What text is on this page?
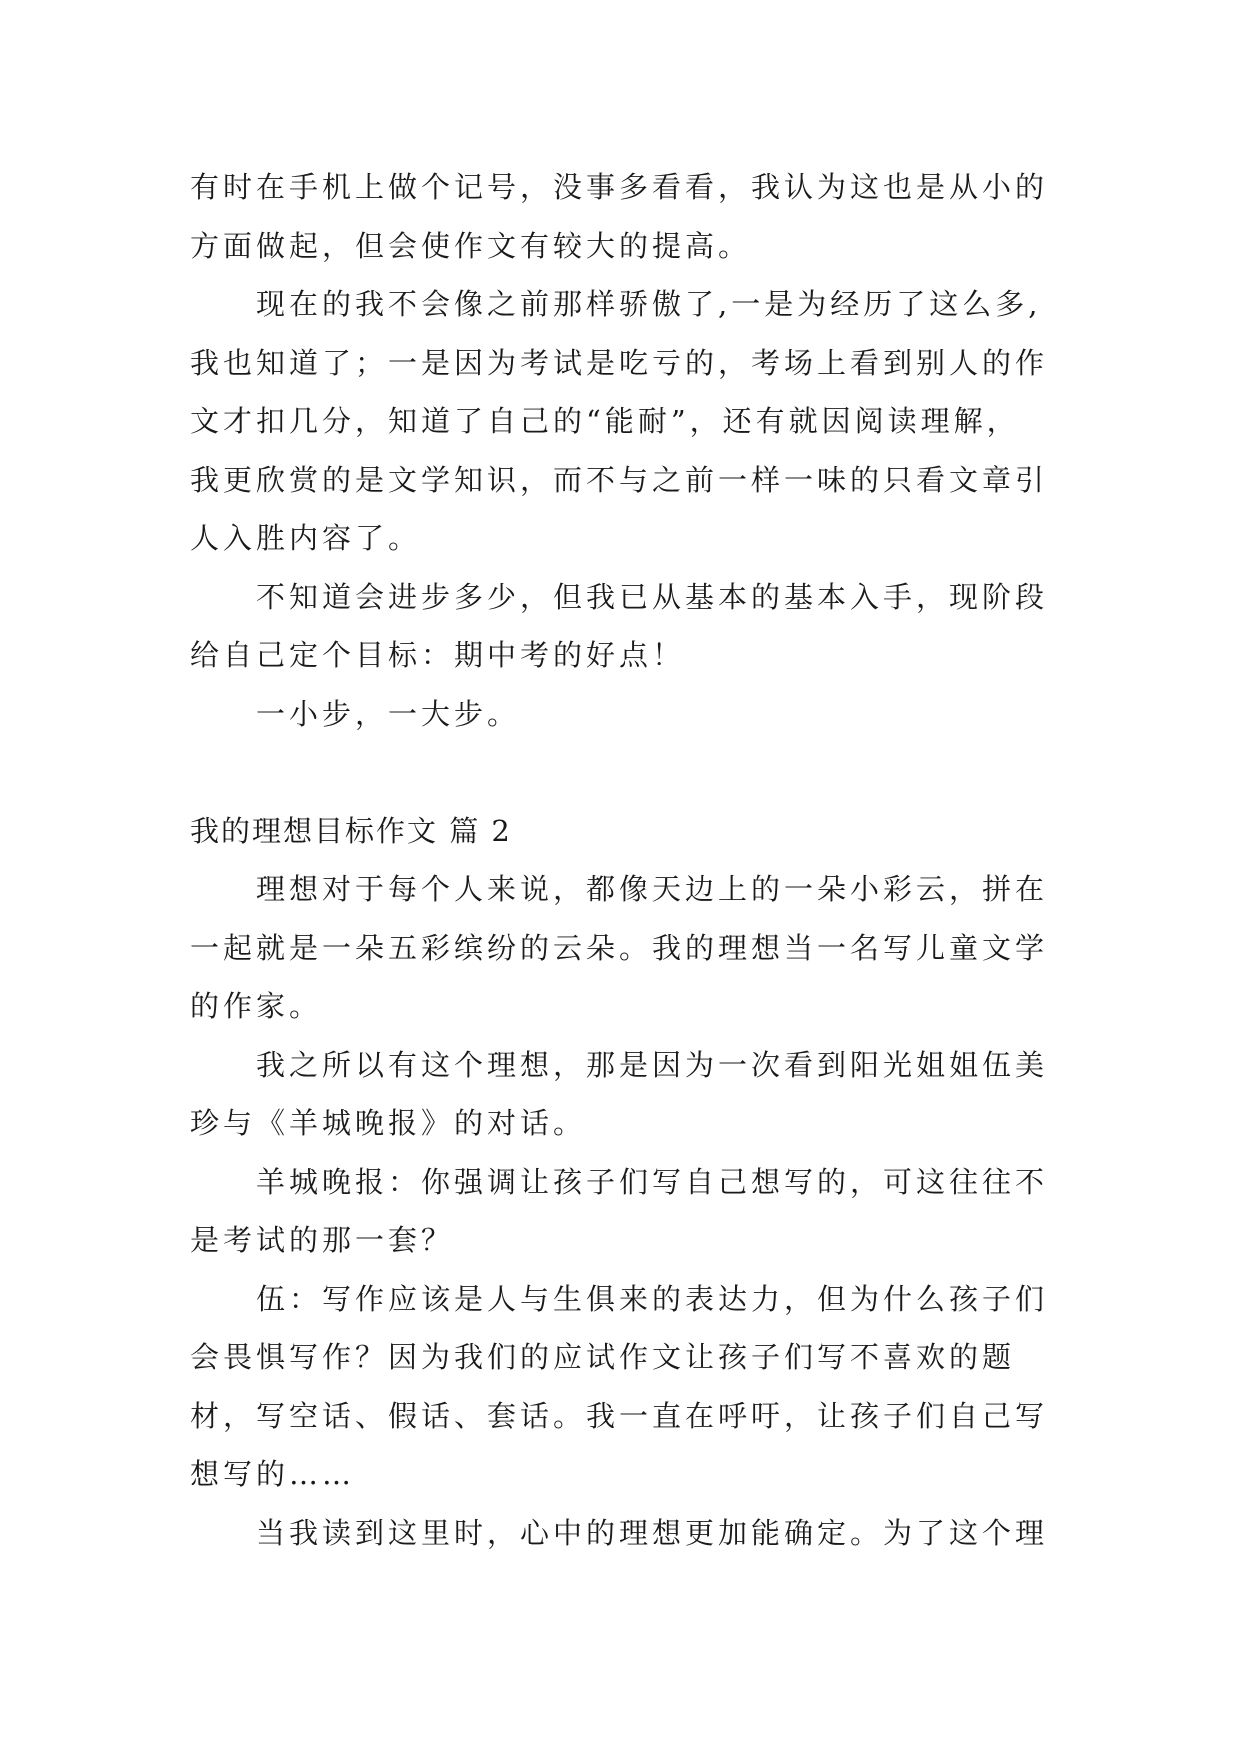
有时在手机上做个记号，没事多看看，我认为这也是从小的
方面做起，但会使作文有较大的提高。
现在的我不会像之前那样骄傲了,一是为经历了这么多,
我也知道了；一是因为考试是吃亏的，考场上看到别人的作
文才扣几分，知道了自己的“能耐”，还有就因阅读理解，
我更欣赏的是文学知识，而不与之前一样一味的只看文章引
人入胜内容了。
不知道会进步多少，但我已从基本的基本入手，现阶段
给自己定个目标：期中考的好点！
一小步，一大步。
我的理想目标作文 篇 2
理想对于每个人来说，都像天边上的一朵小彩云，拼在
一起就是一朵五彩缤纷的云朵。我的理想当一名写儿童文学
的作家。
我之所以有这个理想，那是因为一次看到阳光姐姐伍美
珍与《羊城晚报》的对话。
羊城晚报：你强调让孩子们写自己想写的，可这往往不
是考试的那一套？
伍：写作应该是人与生俱来的表达力，但为什么孩子们
会畏惧写作？因为我们的应试作文让孩子们写不喜欢的题
材，写空话、假话、套话。我一直在呼吁，让孩子们自己写
想写的……
当我读到这里时，心中的理想更加能确定。为了这个理
